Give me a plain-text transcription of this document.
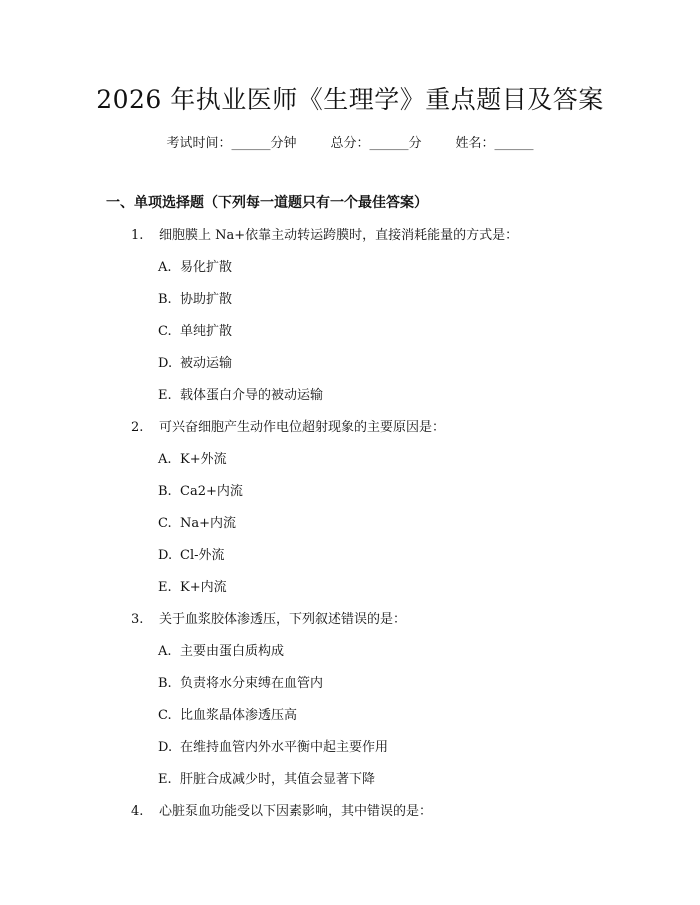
2026 年执业医师《生理学》重点题目及答案
考试时间：______分钟	总分：______分	姓名：______
一、单项选择题（下列每一道题只有一个最佳答案）
1. 细胞膜上 Na+依靠主动转运跨膜时，直接消耗能量的方式是：
A. 易化扩散
B. 协助扩散
C. 单纯扩散
D. 被动运输
E. 载体蛋白介导的被动运输
2. 可兴奋细胞产生动作电位超射现象的主要原因是：
A. K+外流
B. Ca2+内流
C. Na+内流
D. Cl-外流
E. K+内流
3. 关于血浆胶体渗透压，下列叙述错误的是：
A. 主要由蛋白质构成
B. 负责将水分束缚在血管内
C. 比血浆晶体渗透压高
D. 在维持血管内外水平衡中起主要作用
E. 肝脏合成减少时，其值会显著下降
4. 心脏泵血功能受以下因素影响，其中错误的是：
